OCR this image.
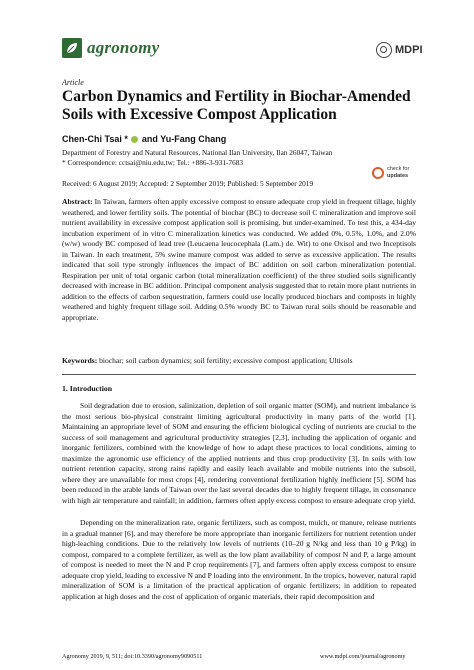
agronomy	MDPI
Article
Carbon Dynamics and Fertility in Biochar-Amended Soils with Excessive Compost Application
Chen-Chi Tsai * and Yu-Fang Chang
Department of Forestry and Natural Resources, National Ilan University, Ilan 26047, Taiwan
* Correspondence: cctsai@niu.edu.tw; Tel.: +886-3-931-7683
Received: 6 August 2019; Accepted: 2 September 2019; Published: 5 September 2019
check for
updates
Abstract: In Taiwan, farmers often apply excessive compost to ensure adequate crop yield in frequent tillage, highly weathered, and lower fertility soils. The potential of biochar (BC) to decrease soil C mineralization and improve soil nutrient availability in excessive compost application soil is promising, but under-examined. To test this, a 434-day incubation experiment of in vitro C mineralization kinetics was conducted. We added 0%, 0.5%, 1.0%, and 2.0% (w/w) woody BC composed of lead tree (Leucaena leucocephala (Lam.) de. Wit) to one Oxisol and two Inceptisols in Taiwan. In each treatment, 5% swine manure compost was added to serve as excessive application. The results indicated that soil type strongly influences the impact of BC addition on soil carbon mineralization potential. Respiration per unit of total organic carbon (total mineralization coefficient) of the three studied soils significantly decreased with increase in BC addition. Principal component analysis suggested that to retain more plant nutrients in addition to the effects of carbon sequestration, farmers could use locally produced biochars and composts in highly weathered and highly frequent tillage soil. Adding 0.5% woody BC to Taiwan rural soils should be reasonable and appropriate.
Keywords: biochar; soil carbon dynamics; soil fertility; excessive compost application; Ultisols
1. Introduction
Soil degradation due to erosion, salinization, depletion of soil organic matter (SOM), and nutrient imbalance is the most serious bio-physical constraint limiting agricultural productivity in many parts of the world [1]. Maintaining an appropriate level of SOM and ensuring the efficient biological cycling of nutrients are crucial to the success of soil management and agricultural productivity strategies [2,3], including the application of organic and inorganic fertilizers, combined with the knowledge of how to adapt these practices to local conditions, aiming to maximize the agronomic use efficiency of the applied nutrients and thus crop productivity [3]. In soils with low nutrient retention capacity, strong rains rapidly and easily leach available and mobile nutrients into the subsoil, where they are unavailable for most crops [4], rendering conventional fertilization highly inefficient [5]. SOM has been reduced in the arable lands of Taiwan over the last several decades due to highly frequent tillage, in consonance with high air temperature and rainfall; in addition, farmers often apply excess compost to ensure adequate crop yield.
Depending on the mineralization rate, organic fertilizers, such as compost, mulch, or manure, release nutrients in a gradual manner [6], and may therefore be more appropriate than inorganic fertilizers for nutrient retention under high-leaching conditions. Due to the relatively low levels of nutrients (10–20 g N/kg and less than 10 g P/kg) in compost, compared to a complete fertilizer, as well as the low plant availability of compost N and P, a large amount of compost is needed to meet the N and P crop requirements [7], and farmers often apply excess compost to ensure adequate crop yield, leading to excessive N and P loading into the environment. In the tropics, however, natural rapid mineralization of SOM is a limitation of the practical application of organic fertilizers; in addition to repeated application at high doses and the cost of application of organic materials, their rapid decomposition and
Agronomy 2019, 9, 511; doi:10.3390/agronomy9090511	www.mdpi.com/journal/agronomy
